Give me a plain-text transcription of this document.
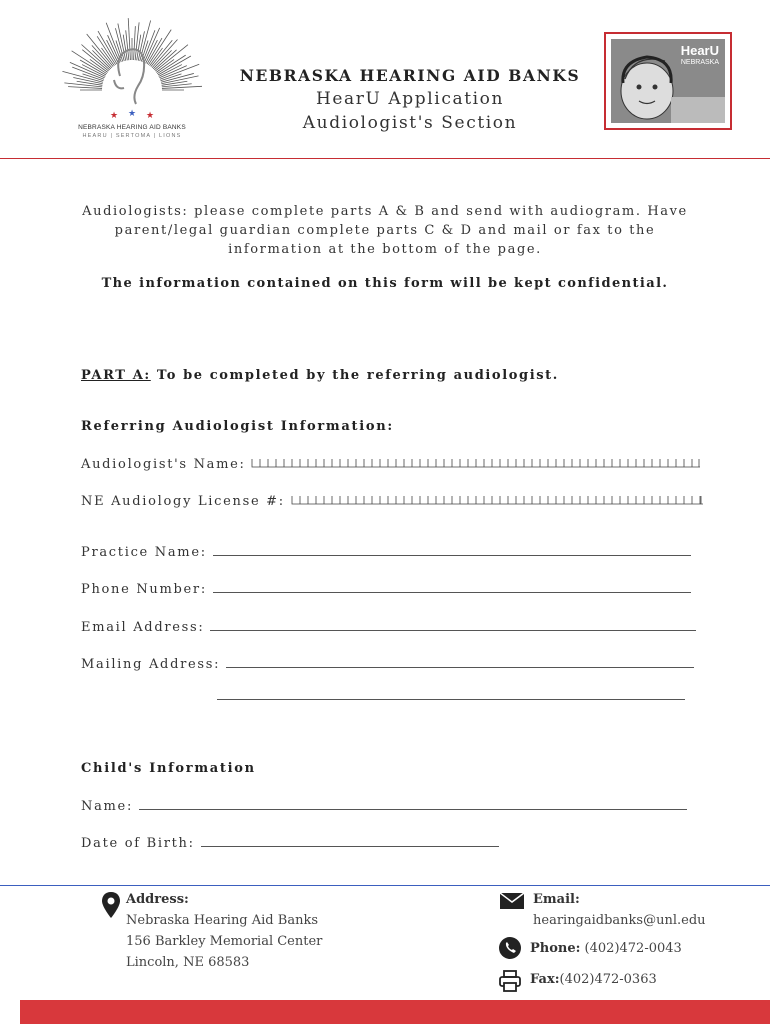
★ ★ ★
NEBRASKA HEARING AID BANKS
HEARU | SERTOMA | LIONS
NEBRASKA HEARING AID BANKS
HearU Application
Audiologist's Section
HearU
NEBRASKA
Audiologists: please complete parts A & B and send with audiogram. Have parent/legal guardian complete parts C & D and mail or fax to the information at the bottom of the page.
The information contained on this form will be kept confidential.
PART A: To be completed by the referring audiologist.
Referring Audiologist Information:
Audiologist's Name:
NE Audiology License #:
Practice Name:
Phone Number:
Email Address:
Mailing Address:
Child's Information
Name:
Date of Birth:
Address:
Nebraska Hearing Aid Banks
156 Barkley Memorial Center
Lincoln, NE 68583
Email:
hearingaidbanks@unl.edu
Phone: (402)472-0043
Fax:(402)472-0363
